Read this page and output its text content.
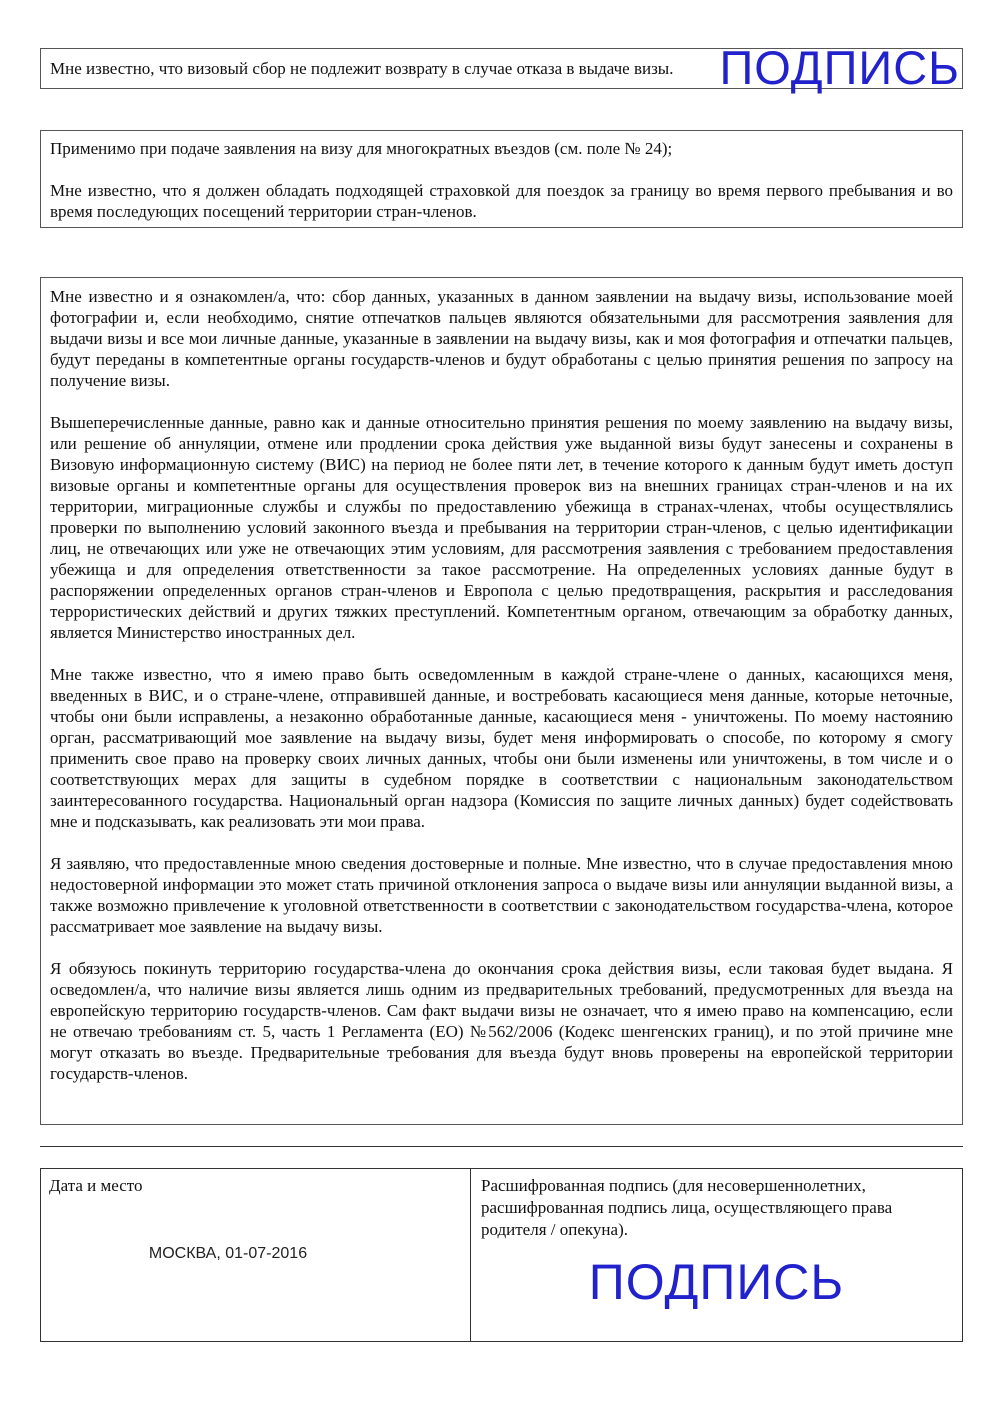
Мне известно, что визовый сбор не подлежит возврату в случае отказа в выдаче визы. ПОДПИСЬ
Применимо при подаче заявления на визу для многократных въездов (см. поле № 24);
Мне известно, что я должен обладать подходящей страховкой для поездок за границу во время первого пребывания и во время последующих посещений территории стран-членов.

Мне известно и я ознакомлен/а, что: сбор данных, указанных в данном заявлении на выдачу визы, использование моей фотографии и, если необходимо, снятие отпечатков пальцев являются обязательными для рассмотрения заявления для выдачи визы и все мои личные данные, указанные в заявлении на выдачу визы, как и моя фотография и отпечатки пальцев, будут переданы в компетентные органы государств-членов и будут обработаны с целью принятия решения по запросу на получение визы.

Вышеперечисленные данные, равно как и данные относительно принятия решения по моему заявлению на выдачу визы, или решение об аннуляции, отмене или продлении срока действия уже выданной визы будут занесены и сохранены в Визовую информационную систему (ВИС) на период не более пяти лет, в течение которого к данным будут иметь доступ визовые органы и компетентные органы для осуществления проверок виз на внешних границах стран-членов и на их территории, миграционные службы и службы по предоставлению убежища в странах-членах, чтобы осуществлялись проверки по выполнению условий законного въезда и пребывания на территории стран-членов, с целью идентификации лиц, не отвечающих или уже не отвечающих этим условиям, для рассмотрения заявления с требованием предоставления убежища и для определения ответственности за такое рассмотрение. На определенных условиях данные будут в распоряжении определенных органов стран-членов и Европола с целью предотвращения, раскрытия и расследования террористических действий и других тяжких преступлений. Компетентным органом, отвечающим за обработку данных, является Министерство иностранных дел.

Мне также известно, что я имею право быть осведомленным в каждой стране-члене о данных, касающихся меня, введенных в ВИС, и о стране-члене, отправившей данные, и востребовать касающиеся меня данные, которые неточные, чтобы они были исправлены, а незаконно обработанные данные, касающиеся меня - уничтожены. По моему настоянию орган, рассматривающий мое заявление на выдачу визы, будет меня информировать о способе, по которому я смогу применить свое право на проверку своих личных данных, чтобы они были изменены или уничтожены, в том числе и о соответствующих мерах для защиты в судебном порядке в соответствии с национальным законодательством заинтересованного государства. Национальный орган надзора (Комиссия по защите личных данных) будет содействовать мне и подсказывать, как реализовать эти мои права.

Я заявляю, что предоставленные мною сведения достоверные и полные. Мне известно, что в случае предоставления мною недостоверной информации это может стать причиной отклонения запроса о выдаче визы или аннуляции выданной визы, а также возможно привлечение к уголовной ответственности в соответствии с законодательством государства-члена, которое рассматривает мое заявление на выдачу визы.

Я обязуюсь покинуть территорию государства-члена до окончания срока действия визы, если таковая будет выдана. Я осведомлен/а, что наличие визы является лишь одним из предварительных требований, предусмотренных для въезда на европейскую территорию государств-членов. Сам факт выдачи визы не означает, что я имею право на компенсацию, если не отвечаю требованиям ст. 5, часть 1 Регламента (ЕО) №562/2006 (Кодекс шенгенских границ), и по этой причине мне могут отказать во въезде. Предварительные требования для въезда будут вновь проверены на европейской территории государств-членов.

Дата и место
МОСКВА, 01-07-2016
Расшифрованная подпись (для несовершеннолетних, расшифрованная подпись лица, осуществляющего права родителя / опекуна).
ПОДПИСЬ
